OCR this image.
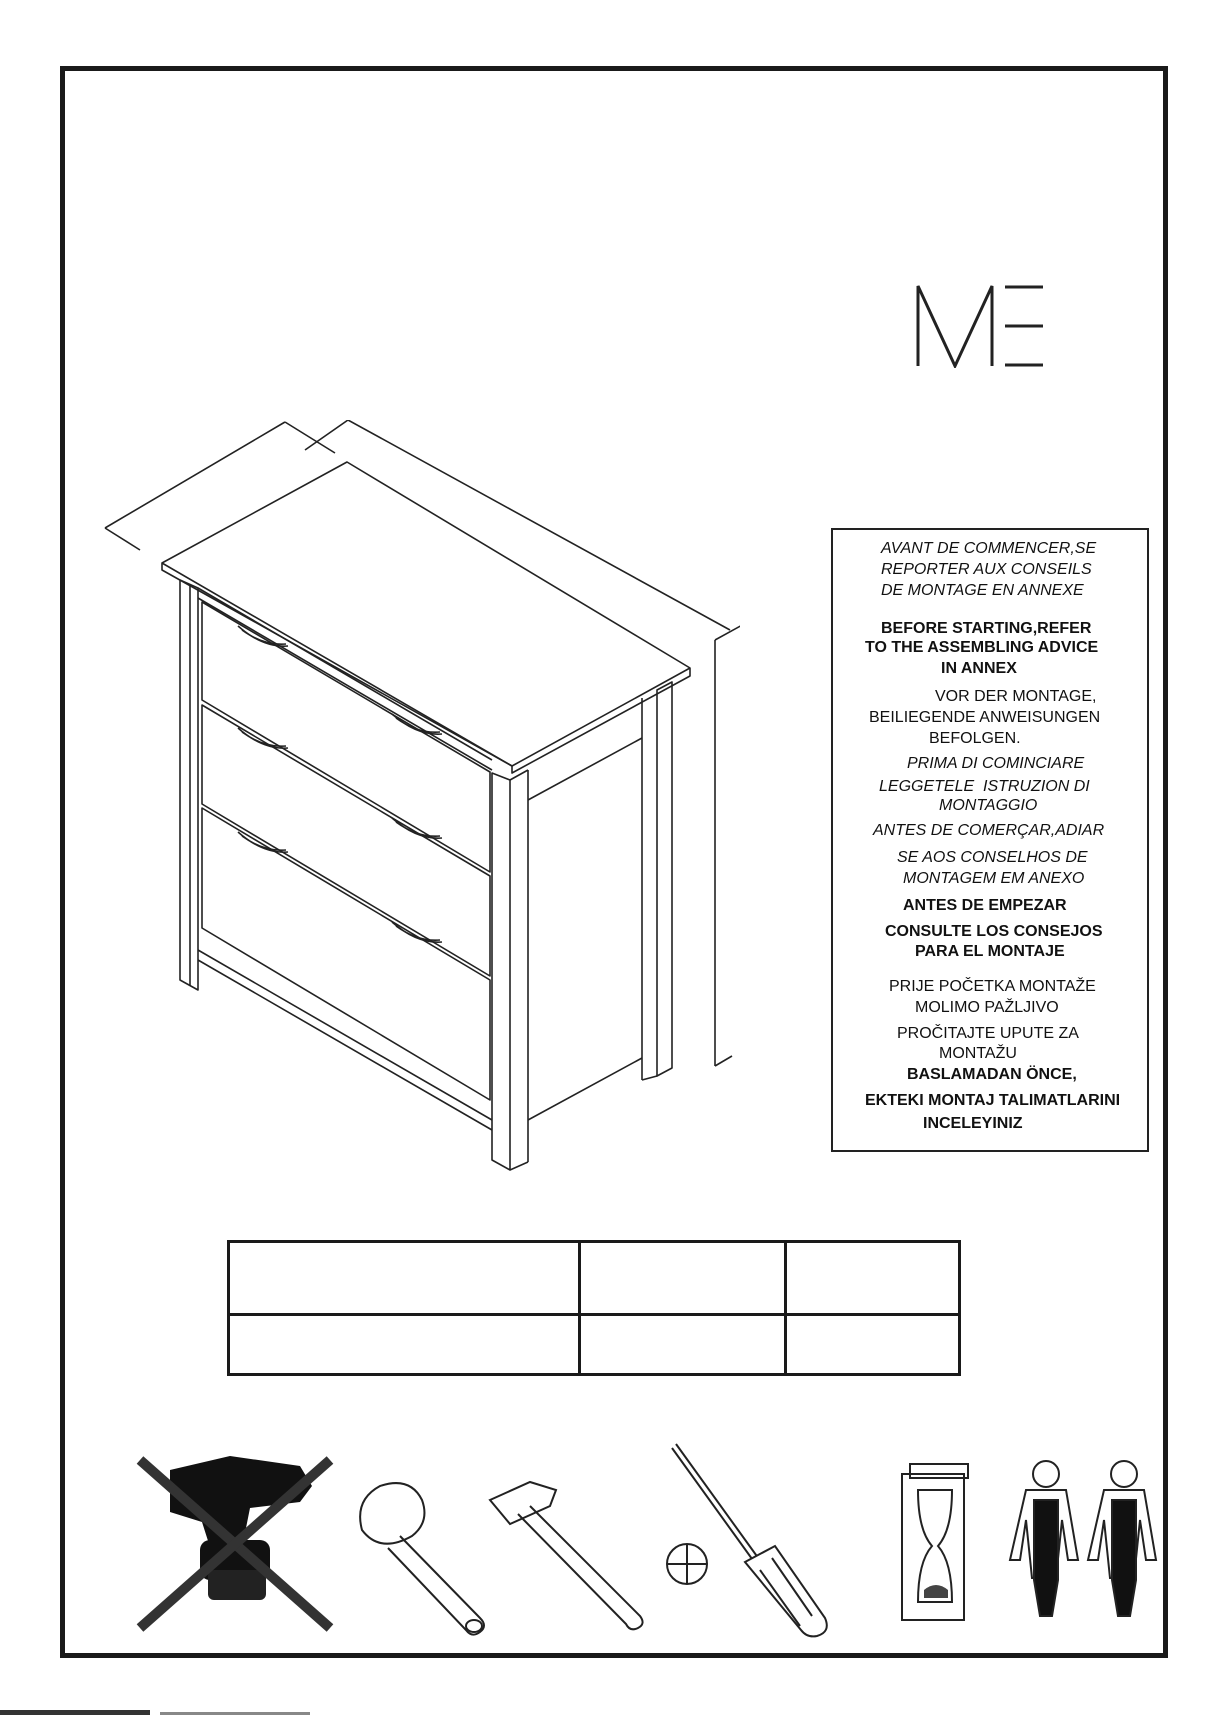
AVANT DE COMMENCER,SE

REPORTER AUX CONSEILS

DE MONTAGE EN ANNEXE

BEFORE STARTING,REFER

TO THE ASSEMBLING ADVICE

IN ANNEX

VOR DER MONTAGE,

BEILIEGENDE ANWEISUNGEN

BEFOLGEN.

PRIMA DI COMINCIARE

LEGGETELE  ISTRUZION DI

MONTAGGIO

ANTES DE COMERÇAR,ADIAR

SE AOS CONSELHOS DE

MONTAGEM EM ANEXO

ANTES DE EMPEZAR

CONSULTE LOS CONSEJOS

PARA EL MONTAJE

PRIJE POČETKA MONTAŽE

MOLIMO PAŽLJIVO

PROČITAJTE UPUTE ZA

MONTAŽU

BASLAMADAN ÖNCE,

EKTEKI MONTAJ TALIMATLARINI

INCELEYINIZ
